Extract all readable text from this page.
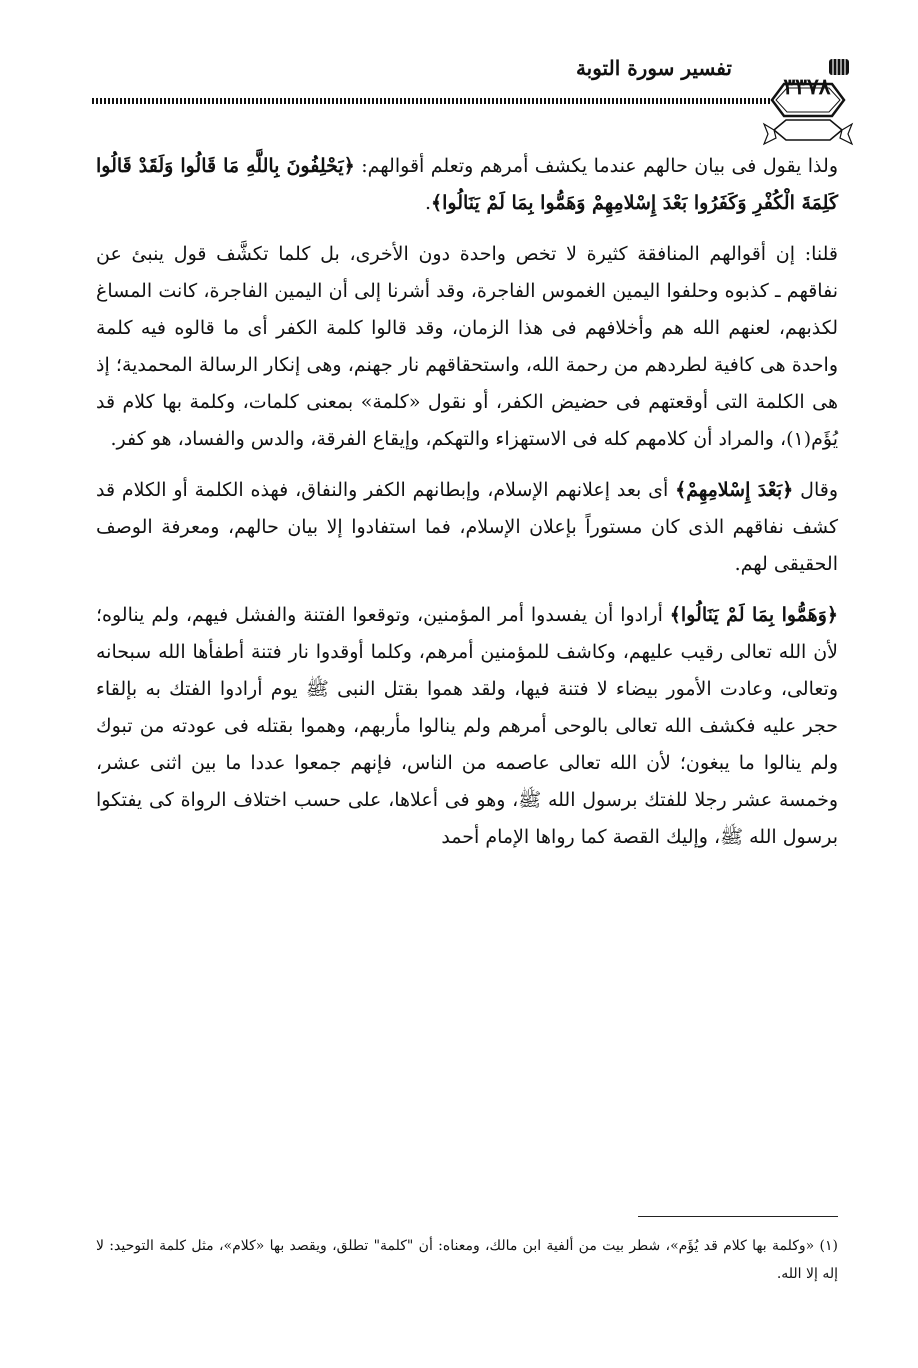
تفسير سورة التوبة
٣٣٧٨

ولذا يقول فى بيان حالهم عندما يكشف أمرهم وتعلم أقوالهم: ﴿يَحْلِفُونَ بِاللَّهِ مَا قَالُوا وَلَقَدْ قَالُوا كَلِمَةَ الْكُفْرِ وَكَفَرُوا بَعْدَ إِسْلامِهِمْ وَهَمُّوا بِمَا لَمْ يَنَالُوا﴾.

قلنا: إن أقوالهم المنافقة كثيرة لا تخص واحدة دون الأخرى، بل كلما تكشَّف قول ينبئ عن نفاقهم ـ كذبوه وحلفوا اليمين الغموس الفاجرة، وقد أشرنا إلى أن اليمين الفاجرة، كانت المساغ لكذبهم، لعنهم الله هم وأخلافهم فى هذا الزمان، وقد قالوا كلمة الكفر أى ما قالوه فيه كلمة واحدة هى كافية لطردهم من رحمة الله، واستحقاقهم نار جهنم، وهى إنكار الرسالة المحمدية؛ إذ هى الكلمة التى أوقعتهم فى حضيض الكفر، أو نقول «كلمة» بمعنى كلمات، وكلمة بها كلام قد يُؤَم(١)، والمراد أن كلامهم كله فى الاستهزاء والتهكم، وإيقاع الفرقة، والدس والفساد، هو كفر.

وقال ﴿بَعْدَ إِسْلامِهِمْ﴾ أى بعد إعلانهم الإسلام، وإبطانهم الكفر والنفاق، فهذه الكلمة أو الكلام قد كشف نفاقهم الذى كان مستوراً بإعلان الإسلام، فما استفادوا إلا بيان حالهم، ومعرفة الوصف الحقيقى لهم.

﴿وَهَمُّوا بِمَا لَمْ يَنَالُوا﴾ أرادوا أن يفسدوا أمر المؤمنين، وتوقعوا الفتنة والفشل فيهم، ولم ينالوه؛ لأن الله تعالى رقيب عليهم، وكاشف للمؤمنين أمرهم، وكلما أوقدوا نار فتنة أطفأها الله سبحانه وتعالى، وعادت الأمور بيضاء لا فتنة فيها، ولقد هموا بقتل النبى ﷺ يوم أرادوا الفتك به بإلقاء حجر عليه فكشف الله تعالى بالوحى أمرهم ولم ينالوا مأربهم، وهموا بقتله فى عودته من تبوك ولم ينالوا ما يبغون؛ لأن الله تعالى عاصمه من الناس، فإنهم جمعوا عددا ما بين اثنى عشر، وخمسة عشر رجلا للفتك برسول الله ﷺ، وهو فى أعلاها، على حسب اختلاف الرواة كى يفتكوا برسول الله ﷺ، وإليك القصة كما رواها الإمام أحمد

(١) «وكلمة بها كلام قد يُؤَم»، شطر بيت من ألفية ابن مالك، ومعناه: أن "كلمة" تطلق، ويقصد بها «كلام»، مثل كلمة التوحيد: لا إله إلا الله.
